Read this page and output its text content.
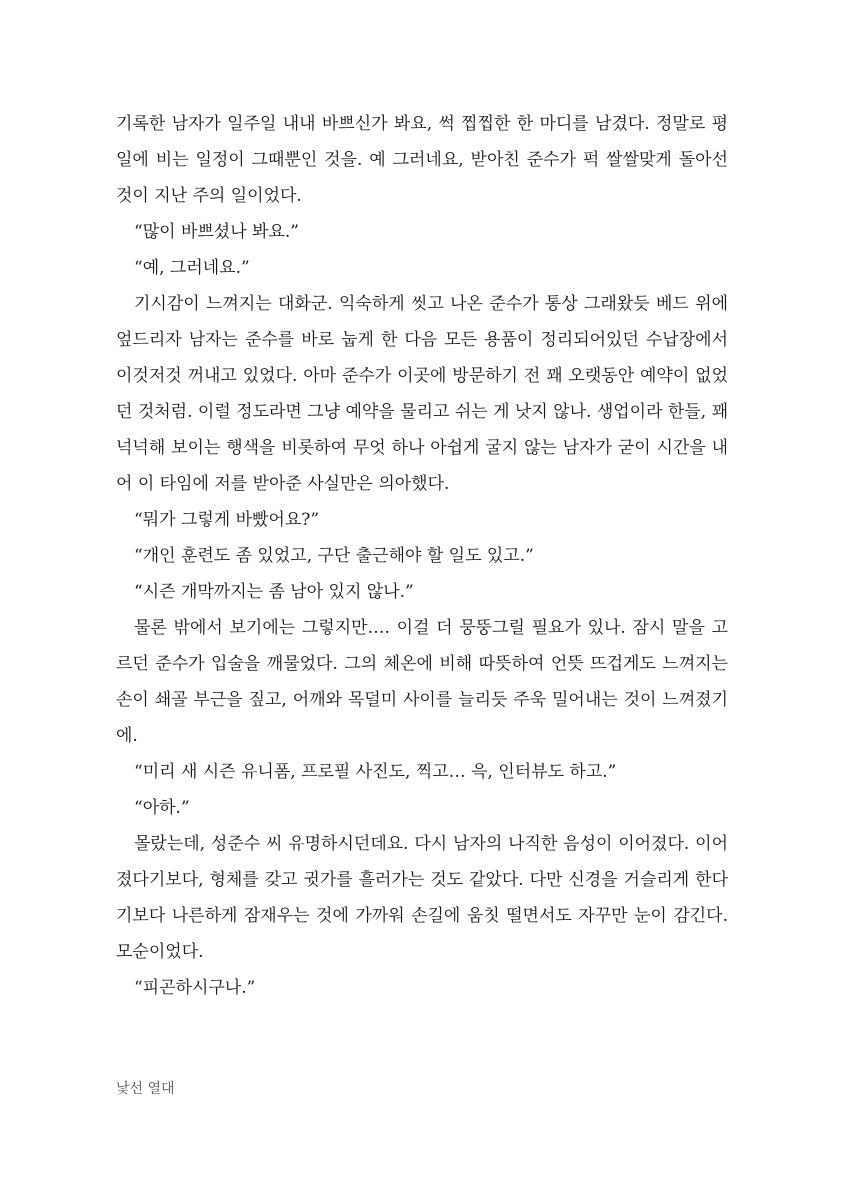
기록한 남자가 일주일 내내 바쁘신가 봐요, 썩 찝찝한 한 마디를 남겼다. 정말로 평일에 비는 일정이 그때뿐인 것을. 예 그러네요, 받아친 준수가 퍽 쌀쌀맞게 돌아선 것이 지난 주의 일이었다.

“많이 바쁘셨나 봐요.”

“예, 그러네요.”

기시감이 느껴지는 대화군. 익숙하게 씻고 나온 준수가 통상 그래왔듯 베드 위에 엎드리자 남자는 준수를 바로 눕게 한 다음 모든 용품이 정리되어있던 수납장에서 이것저것 꺼내고 있었다. 아마 준수가 이곳에 방문하기 전 꽤 오랫동안 예약이 없었던 것처럼. 이럴 정도라면 그냥 예약을 물리고 쉬는 게 낫지 않나. 생업이라 한들, 꽤 넉넉해 보이는 행색을 비롯하여 무엇 하나 아쉽게 굴지 않는 남자가 굳이 시간을 내어 이 타임에 저를 받아준 사실만은 의아했다.

“뭐가 그렇게 바빴어요?”

“개인 훈련도 좀 있었고, 구단 출근해야 할 일도 있고.”

“시즌 개막까지는 좀 남아 있지 않나.”

물론 밖에서 보기에는 그렇지만…. 이걸 더 뭉뚱그릴 필요가 있나. 잠시 말을 고르던 준수가 입술을 깨물었다. 그의 체온에 비해 따뜻하여 언뜻 뜨겁게도 느껴지는 손이 쇄골 부근을 짚고, 어깨와 목덜미 사이를 늘리듯 주욱 밀어내는 것이 느껴졌기에.

“미리 새 시즌 유니폼, 프로필 사진도, 찍고… 윽, 인터뷰도 하고.”

“아하.”

몰랐는데, 성준수 씨 유명하시던데요. 다시 남자의 나직한 음성이 이어졌다. 이어졌다기보다, 형체를 갖고 귓가를 흘러가는 것도 같았다. 다만 신경을 거슬리게 한다기보다 나른하게 잠재우는 것에 가까워 손길에 움칫 떨면서도 자꾸만 눈이 감긴다. 모순이었다.

“피곤하시구나.”

낯선 열대
